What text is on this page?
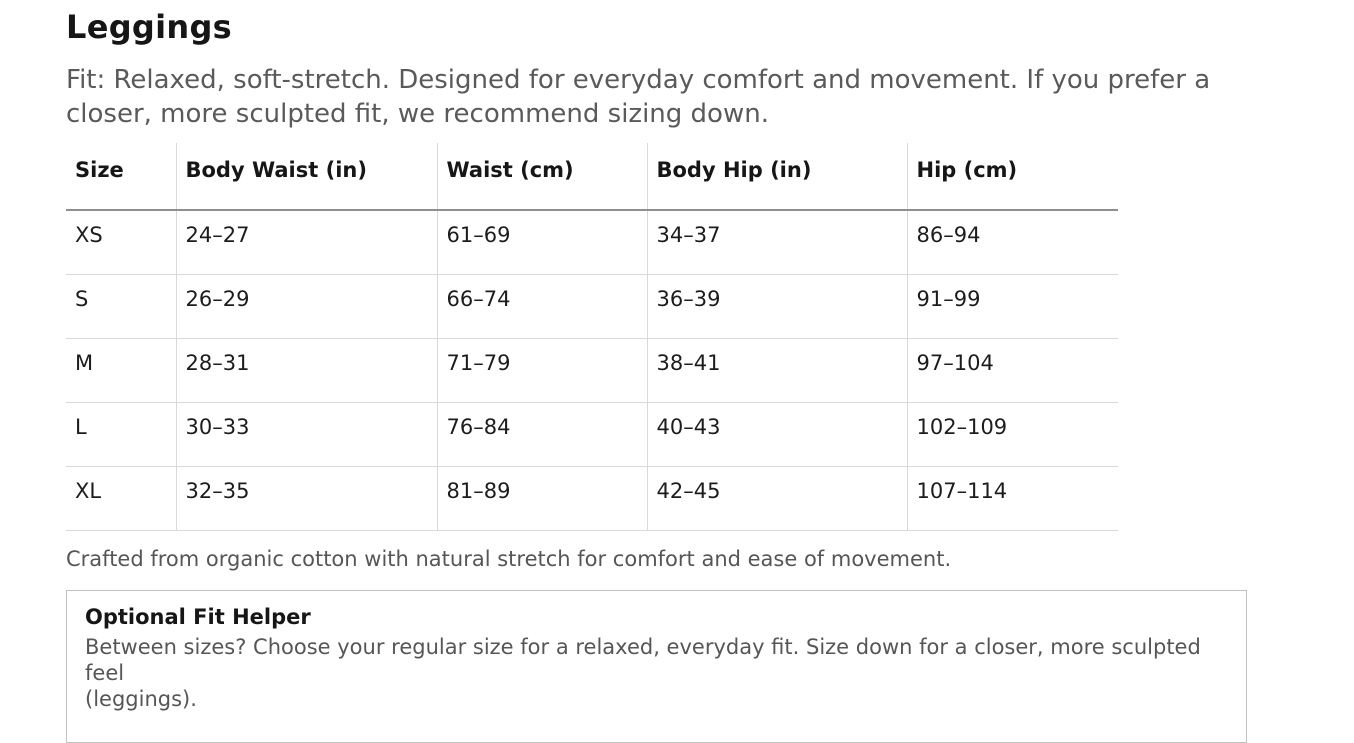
Leggings

Fit: Relaxed, soft-stretch. Designed for everyday comfort and movement. If you prefer a
closer, more sculpted fit, we recommend sizing down.

Size	Body Waist (in)	Waist (cm)	Body Hip (in)	Hip (cm)
XS	24–27	61–69	34–37	86–94
S	26–29	66–74	36–39	91–99
M	28–31	71–79	38–41	97–104
L	30–33	76–84	40–43	102–109
XL	32–35	81–89	42–45	107–114

Crafted from organic cotton with natural stretch for comfort and ease of movement.

Optional Fit Helper

Between sizes? Choose your regular size for a relaxed, everyday fit. Size down for a closer, more sculpted feel
(leggings).
